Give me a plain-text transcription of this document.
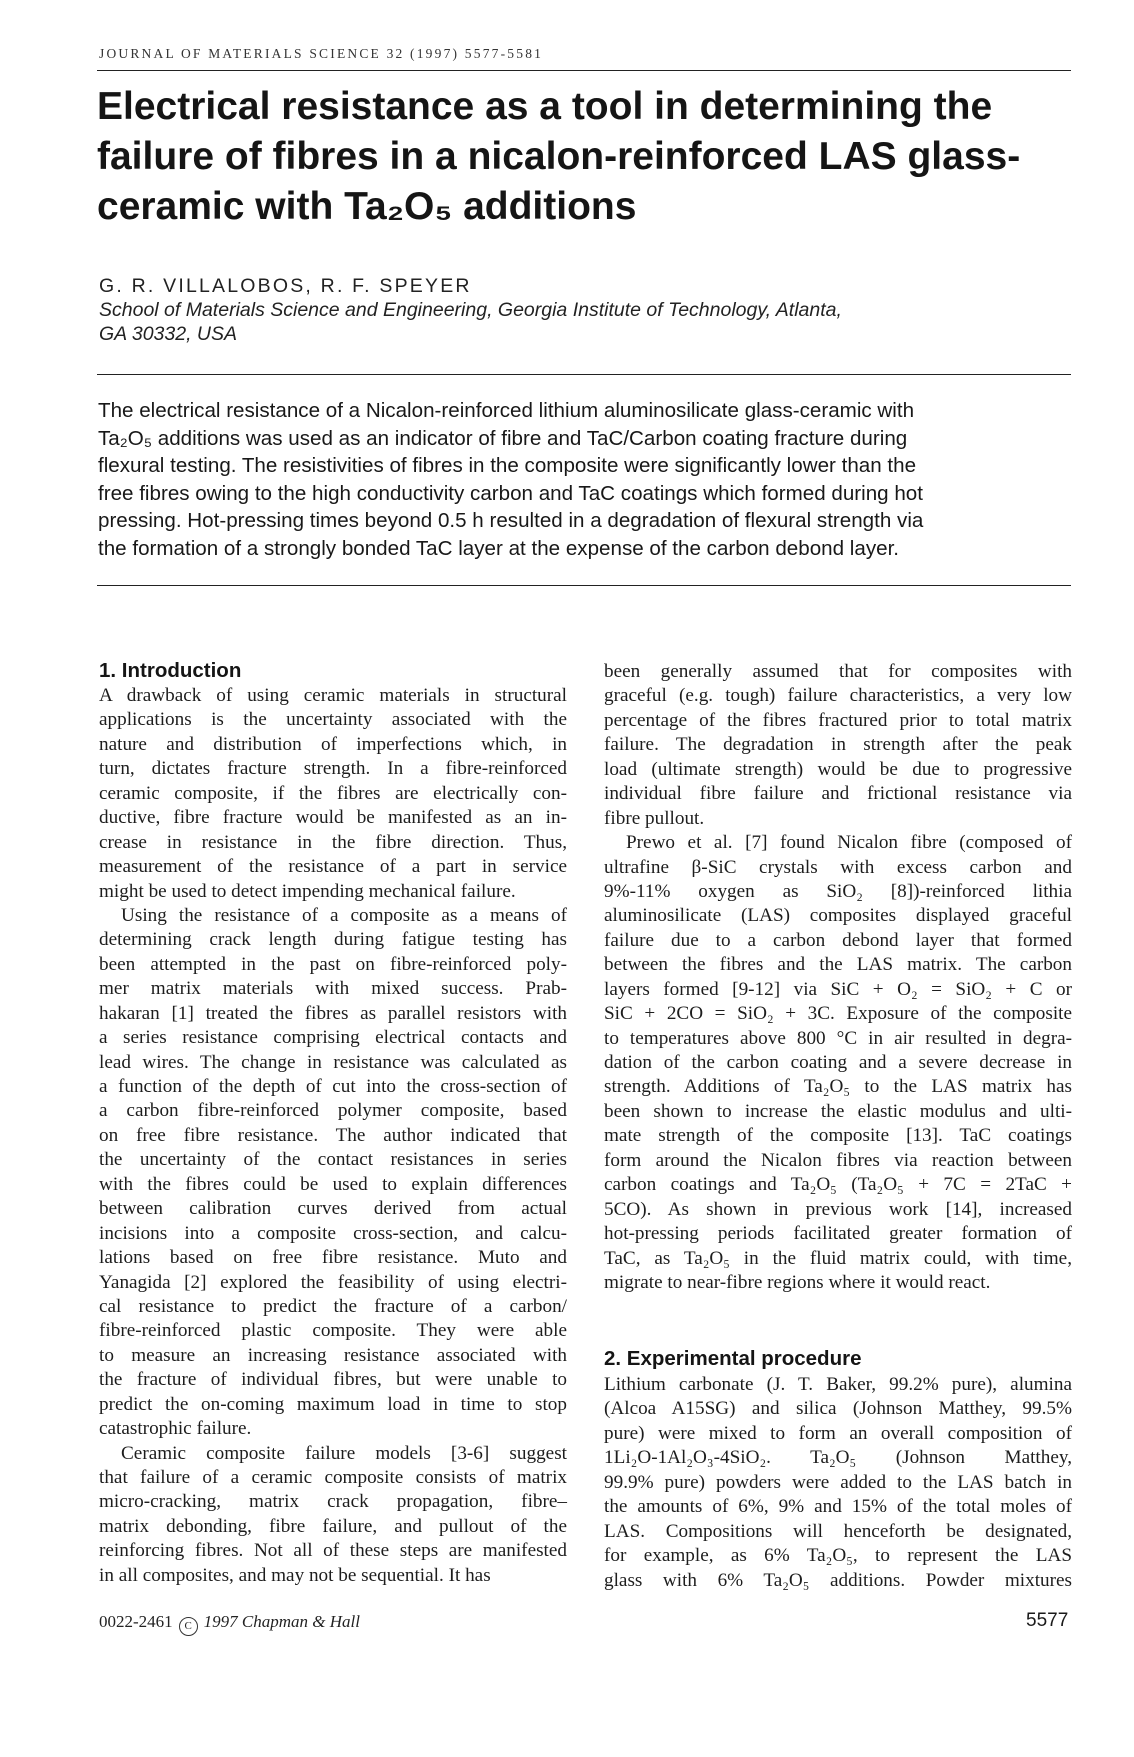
JOURNAL OF MATERIALS SCIENCE 32 (1997) 5577-5581
Electrical resistance as a tool in determining the
failure of fibres in a nicalon-reinforced LAS glass-
ceramic with Ta₂O₅ additions
G. R. VILLALOBOS, R. F. SPEYER
School of Materials Science and Engineering, Georgia Institute of Technology, Atlanta,
GA 30332, USA
The electrical resistance of a Nicalon-reinforced lithium aluminosilicate glass-ceramic with
Ta₂O₅ additions was used as an indicator of fibre and TaC/Carbon coating fracture during
flexural testing. The resistivities of fibres in the composite were significantly lower than the
free fibres owing to the high conductivity carbon and TaC coatings which formed during hot
pressing. Hot-pressing times beyond 0.5 h resulted in a degradation of flexural strength via
the formation of a strongly bonded TaC layer at the expense of the carbon debond layer.
1. Introduction
A drawback of using ceramic materials in structural
applications is the uncertainty associated with the
nature and distribution of imperfections which, in
turn, dictates fracture strength. In a fibre-reinforced
ceramic composite, if the fibres are electrically con-
ductive, fibre fracture would be manifested as an in-
crease in resistance in the fibre direction. Thus,
measurement of the resistance of a part in service
might be used to detect impending mechanical failure.
Using the resistance of a composite as a means of
determining crack length during fatigue testing has
been attempted in the past on fibre-reinforced poly-
mer matrix materials with mixed success. Prab-
hakaran [1] treated the fibres as parallel resistors with
a series resistance comprising electrical contacts and
lead wires. The change in resistance was calculated as
a function of the depth of cut into the cross-section of
a carbon fibre-reinforced polymer composite, based
on free fibre resistance. The author indicated that
the uncertainty of the contact resistances in series
with the fibres could be used to explain differences
between calibration curves derived from actual
incisions into a composite cross-section, and calcu-
lations based on free fibre resistance. Muto and
Yanagida [2] explored the feasibility of using electri-
cal resistance to predict the fracture of a carbon/
fibre-reinforced plastic composite. They were able
to measure an increasing resistance associated with
the fracture of individual fibres, but were unable to
predict the on-coming maximum load in time to stop
catastrophic failure.
Ceramic composite failure models [3-6] suggest
that failure of a ceramic composite consists of matrix
micro-cracking, matrix crack propagation, fibre–
matrix debonding, fibre failure, and pullout of the
reinforcing fibres. Not all of these steps are manifested
in all composites, and may not be sequential. It has
been generally assumed that for composites with
graceful (e.g. tough) failure characteristics, a very low
percentage of the fibres fractured prior to total matrix
failure. The degradation in strength after the peak
load (ultimate strength) would be due to progressive
individual fibre failure and frictional resistance via
fibre pullout.
Prewo et al. [7] found Nicalon fibre (composed of
ultrafine β-SiC crystals with excess carbon and
9%-11% oxygen as SiO₂ [8])-reinforced lithia
aluminosilicate (LAS) composites displayed graceful
failure due to a carbon debond layer that formed
between the fibres and the LAS matrix. The carbon
layers formed [9-12] via SiC + O₂ = SiO₂ + C or
SiC + 2CO = SiO₂ + 3C. Exposure of the composite
to temperatures above 800 °C in air resulted in degra-
dation of the carbon coating and a severe decrease in
strength. Additions of Ta₂O₅ to the LAS matrix has
been shown to increase the elastic modulus and ulti-
mate strength of the composite [13]. TaC coatings
form around the Nicalon fibres via reaction between
carbon coatings and Ta₂O₅ (Ta₂O₅ + 7C = 2TaC +
5CO). As shown in previous work [14], increased
hot-pressing periods facilitated greater formation of
TaC, as Ta₂O₅ in the fluid matrix could, with time,
migrate to near-fibre regions where it would react.
2. Experimental procedure
Lithium carbonate (J. T. Baker, 99.2% pure), alumina
(Alcoa A15SG) and silica (Johnson Matthey, 99.5%
pure) were mixed to form an overall composition of
1Li₂O-1Al₂O₃-4SiO₂. Ta₂O₅ (Johnson Matthey,
99.9% pure) powders were added to the LAS batch in
the amounts of 6%, 9% and 15% of the total moles of
LAS. Compositions will henceforth be designated,
for example, as 6% Ta₂O₅, to represent the LAS
glass with 6% Ta₂O₅ additions. Powder mixtures
0022-2461 C 1997 Chapman & Hall	5577
